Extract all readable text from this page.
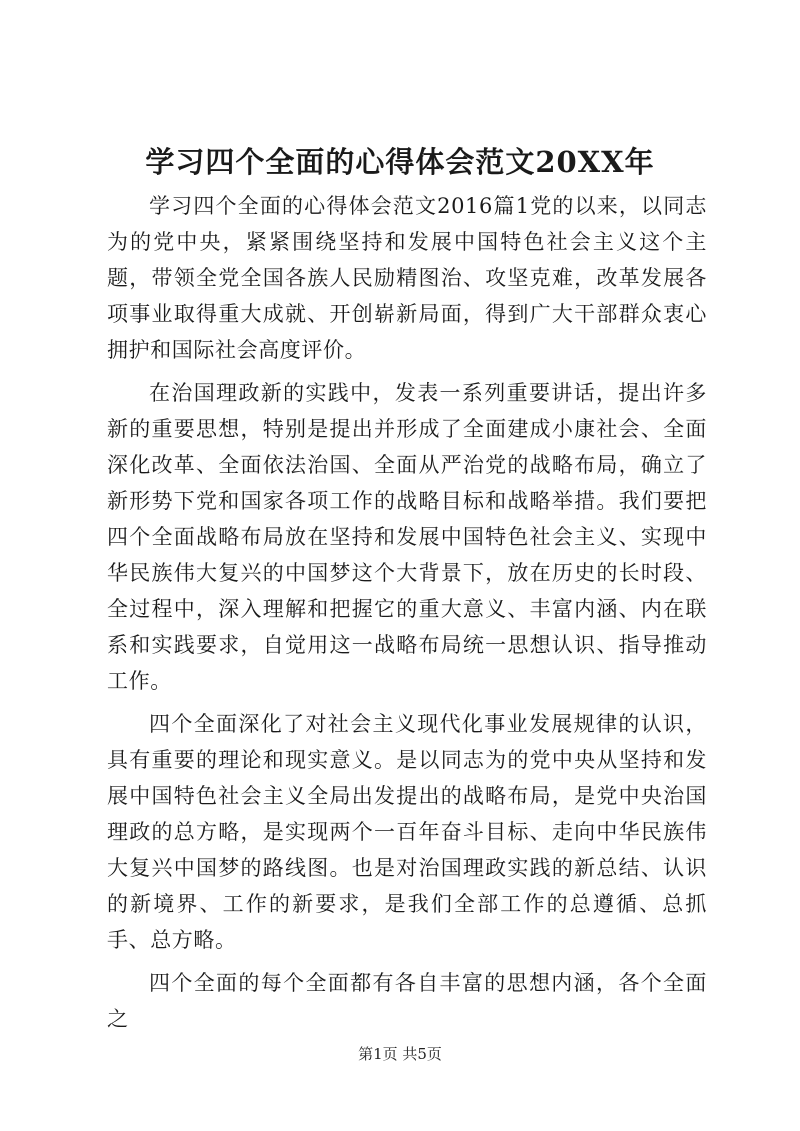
学习四个全面的心得体会范文20XX年

学习四个全面的心得体会范文2016篇1党的以来，以同志为的党中央，紧紧围绕坚持和发展中国特色社会主义这个主题，带领全党全国各族人民励精图治、攻坚克难，改革发展各项事业取得重大成就、开创崭新局面，得到广大干部群众衷心拥护和国际社会高度评价。

在治国理政新的实践中，发表一系列重要讲话，提出许多新的重要思想，特别是提出并形成了全面建成小康社会、全面深化改革、全面依法治国、全面从严治党的战略布局，确立了新形势下党和国家各项工作的战略目标和战略举措。我们要把四个全面战略布局放在坚持和发展中国特色社会主义、实现中华民族伟大复兴的中国梦这个大背景下，放在历史的长时段、全过程中，深入理解和把握它的重大意义、丰富内涵、内在联系和实践要求，自觉用这一战略布局统一思想认识、指导推动工作。

四个全面深化了对社会主义现代化事业发展规律的认识，具有重要的理论和现实意义。是以同志为的党中央从坚持和发展中国特色社会主义全局出发提出的战略布局，是党中央治国理政的总方略，是实现两个一百年奋斗目标、走向中华民族伟大复兴中国梦的路线图。也是对治国理政实践的新总结、认识的新境界、工作的新要求，是我们全部工作的总遵循、总抓手、总方略。

四个全面的每个全面都有各自丰富的思想内涵，各个全面之

第1页 共5页
